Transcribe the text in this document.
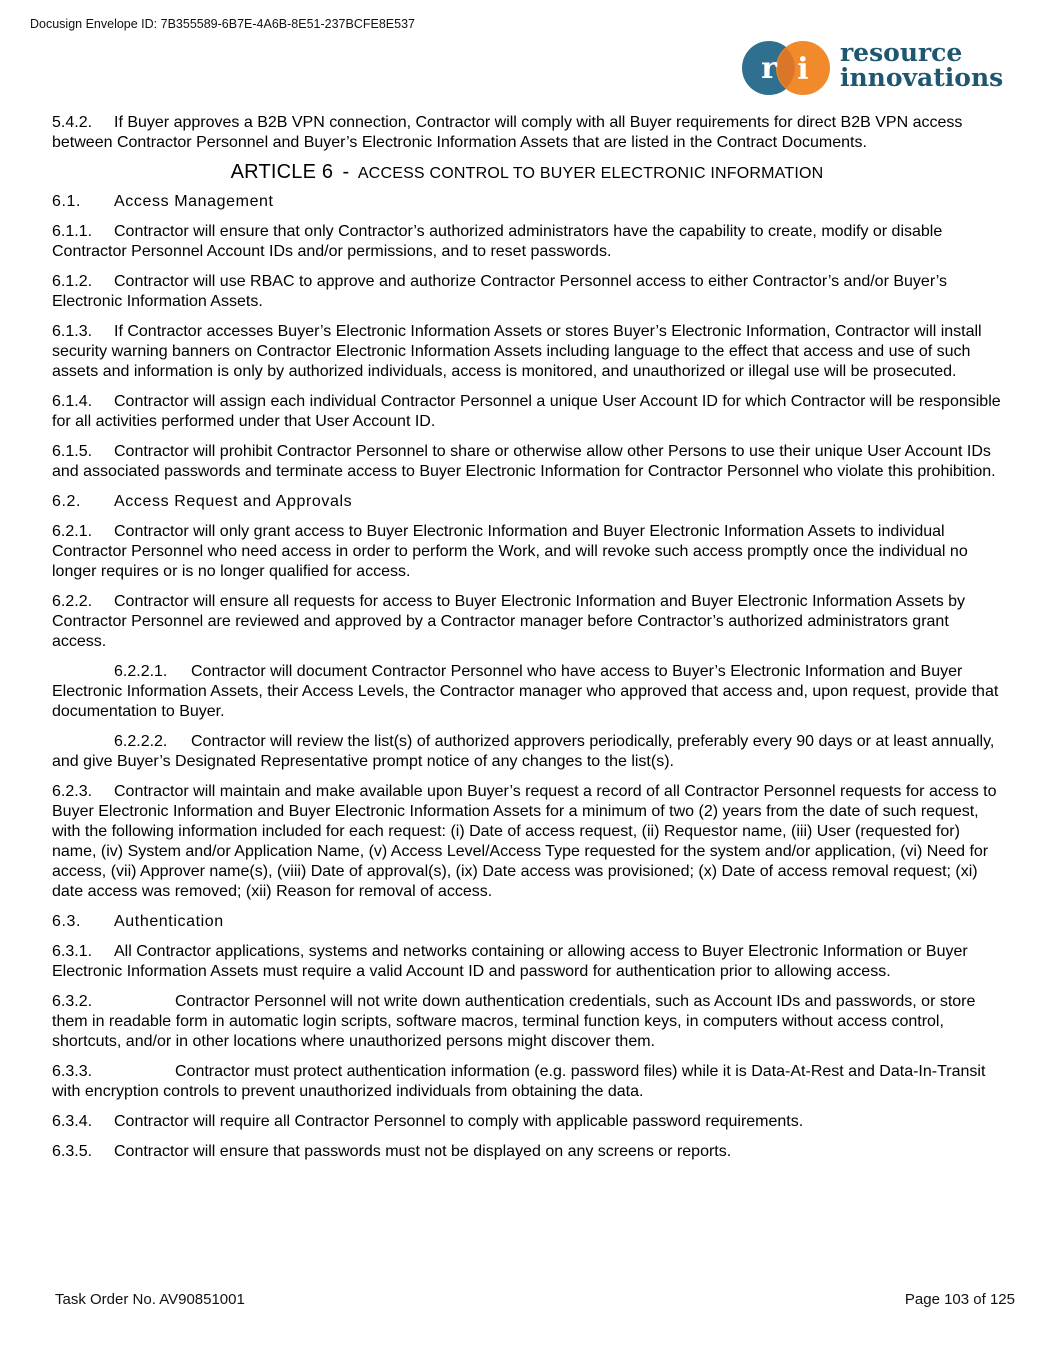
Docusign Envelope ID: 7B355589-6B7E-4A6B-8E51-237BCFE8E537
r i resource
innovations

5.4.2. If Buyer approves a B2B VPN connection, Contractor will comply with all Buyer requirements for direct B2B VPN access between Contractor Personnel and Buyer’s Electronic Information Assets that are listed in the Contract Documents.

ARTICLE 6 - ACCESS CONTROL TO BUYER ELECTRONIC INFORMATION

6.1. Access Management

6.1.1. Contractor will ensure that only Contractor’s authorized administrators have the capability to create, modify or disable Contractor Personnel Account IDs and/or permissions, and to reset passwords.

6.1.2. Contractor will use RBAC to approve and authorize Contractor Personnel access to either Contractor’s and/or Buyer’s Electronic Information Assets.

6.1.3. If Contractor accesses Buyer’s Electronic Information Assets or stores Buyer’s Electronic Information, Contractor will install security warning banners on Contractor Electronic Information Assets including language to the effect that access and use of such assets and information is only by authorized individuals, access is monitored, and unauthorized or illegal use will be prosecuted.

6.1.4. Contractor will assign each individual Contractor Personnel a unique User Account ID for which Contractor will be responsible for all activities performed under that User Account ID.

6.1.5. Contractor will prohibit Contractor Personnel to share or otherwise allow other Persons to use their unique User Account IDs and associated passwords and terminate access to Buyer Electronic Information for Contractor Personnel who violate this prohibition.

6.2. Access Request and Approvals

6.2.1. Contractor will only grant access to Buyer Electronic Information and Buyer Electronic Information Assets to individual Contractor Personnel who need access in order to perform the Work, and will revoke such access promptly once the individual no longer requires or is no longer qualified for access.

6.2.2. Contractor will ensure all requests for access to Buyer Electronic Information and Buyer Electronic Information Assets by Contractor Personnel are reviewed and approved by a Contractor manager before Contractor’s authorized administrators grant access.

6.2.2.1. Contractor will document Contractor Personnel who have access to Buyer’s Electronic Information and Buyer Electronic Information Assets, their Access Levels, the Contractor manager who approved that access and, upon request, provide that documentation to Buyer.

6.2.2.2. Contractor will review the list(s) of authorized approvers periodically, preferably every 90 days or at least annually, and give Buyer’s Designated Representative prompt notice of any changes to the list(s).

6.2.3. Contractor will maintain and make available upon Buyer’s request a record of all Contractor Personnel requests for access to Buyer Electronic Information and Buyer Electronic Information Assets for a minimum of two (2) years from the date of such request, with the following information included for each request: (i) Date of access request, (ii) Requestor name, (iii) User (requested for) name, (iv) System and/or Application Name, (v) Access Level/Access Type requested for the system and/or application, (vi) Need for access, (vii) Approver name(s), (viii) Date of approval(s), (ix) Date access was provisioned; (x) Date of access removal request; (xi) date access was removed; (xii) Reason for removal of access.

6.3. Authentication

6.3.1. All Contractor applications, systems and networks containing or allowing access to Buyer Electronic Information or Buyer Electronic Information Assets must require a valid Account ID and password for authentication prior to allowing access.

6.3.2.	Contractor Personnel will not write down authentication credentials, such as Account IDs and passwords, or store them in readable form in automatic login scripts, software macros, terminal function keys, in computers without access control, shortcuts, and/or in other locations where unauthorized persons might discover them.

6.3.3.	Contractor must protect authentication information (e.g. password files) while it is Data-At-Rest and Data-In-Transit with encryption controls to prevent unauthorized individuals from obtaining the data.

6.3.4. Contractor will require all Contractor Personnel to comply with applicable password requirements.

6.3.5. Contractor will ensure that passwords must not be displayed on any screens or reports.

Task Order No. AV90851001	Page 103 of 125
